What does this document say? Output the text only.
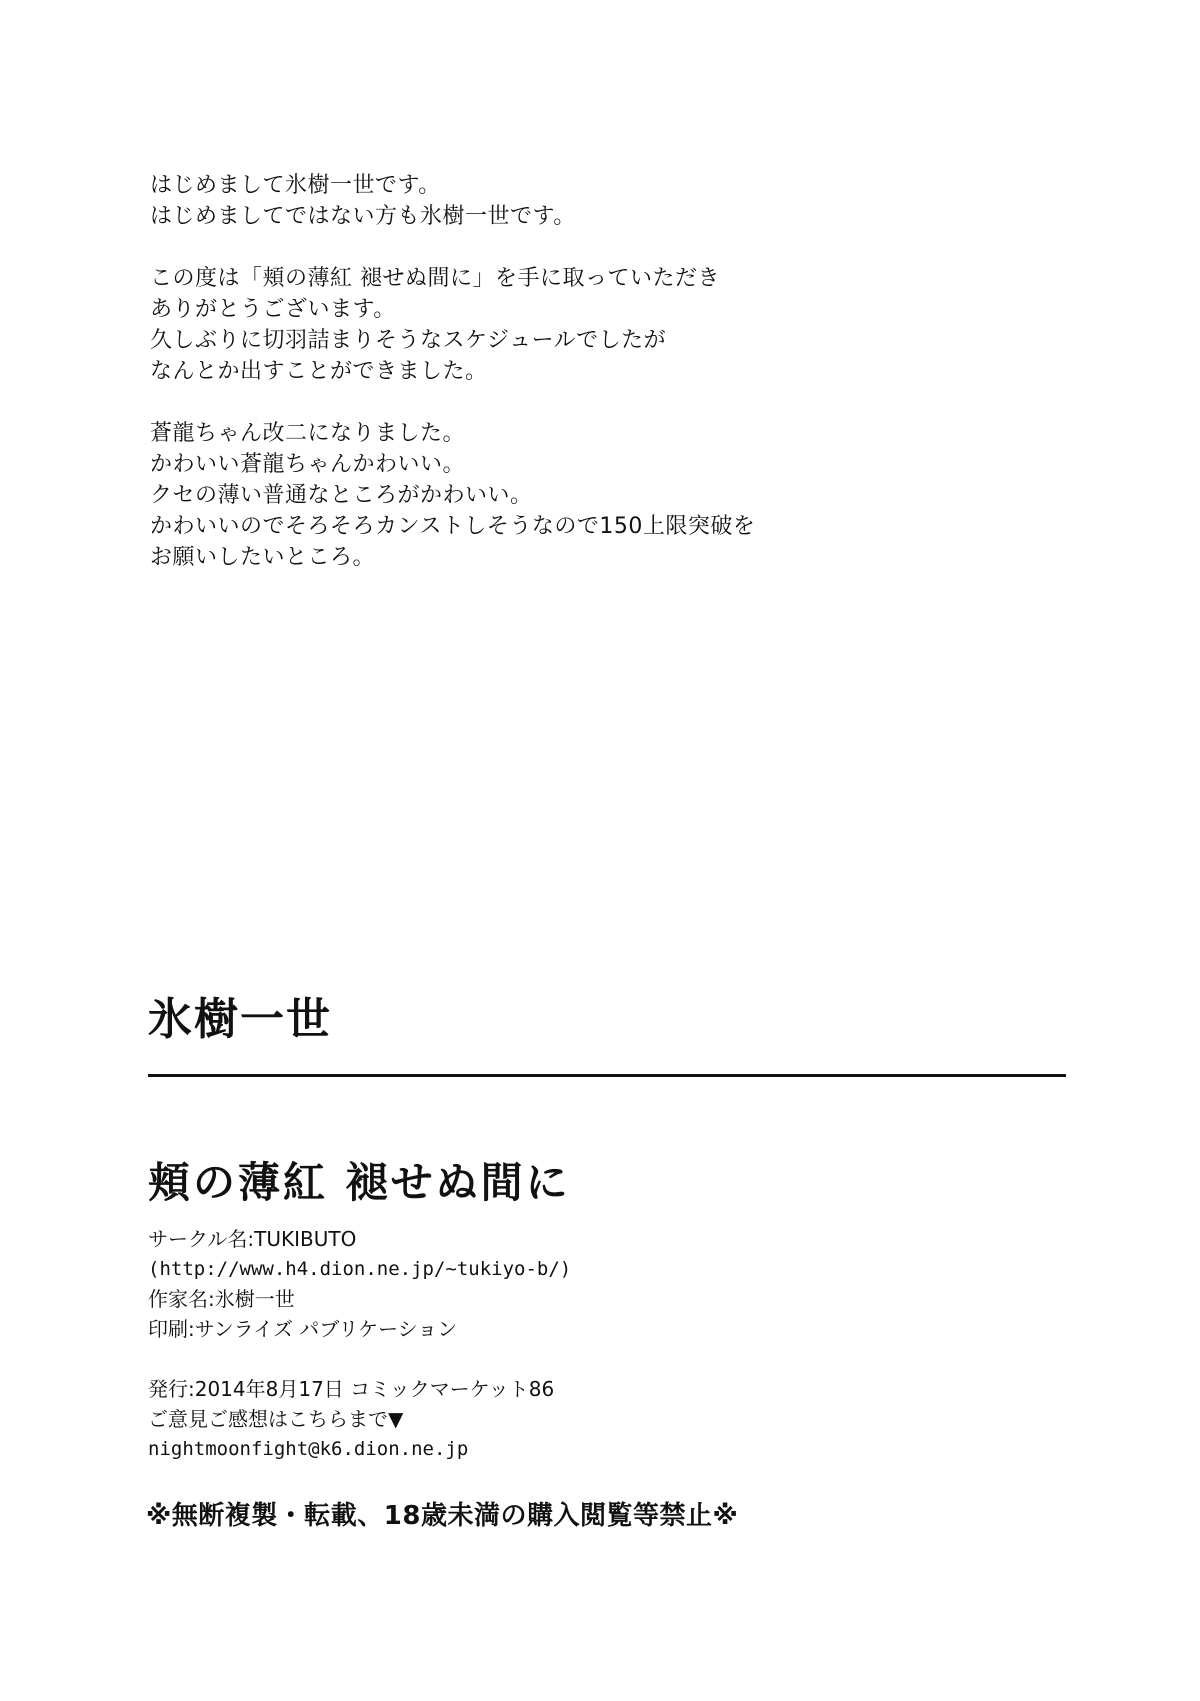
はじめまして氷樹一世です。
はじめましてではない方も氷樹一世です。
この度は「頬の薄紅 褪せぬ間に」を手に取っていただき
ありがとうございます。
久しぶりに切羽詰まりそうなスケジュールでしたが
なんとか出すことができました。
蒼龍ちゃん改二になりました。
かわいい蒼龍ちゃんかわいい。
クセの薄い普通なところがかわいい。
かわいいのでそろそろカンストしそうなので150上限突破を
お願いしたいところ。
氷樹一世
頬の薄紅 褪せぬ間に
サークル名:TUKIBUTO
(http://www.h4.dion.ne.jp/~tukiyo-b/)
作家名:氷樹一世
印刷:サンライズ パブリケーション
発行:2014年8月17日 コミックマーケット86
ご意見ご感想はこちらまで▼
nightmoonfight@k6.dion.ne.jp
※無断複製・転載、18歳未満の購入閲覧等禁止※
